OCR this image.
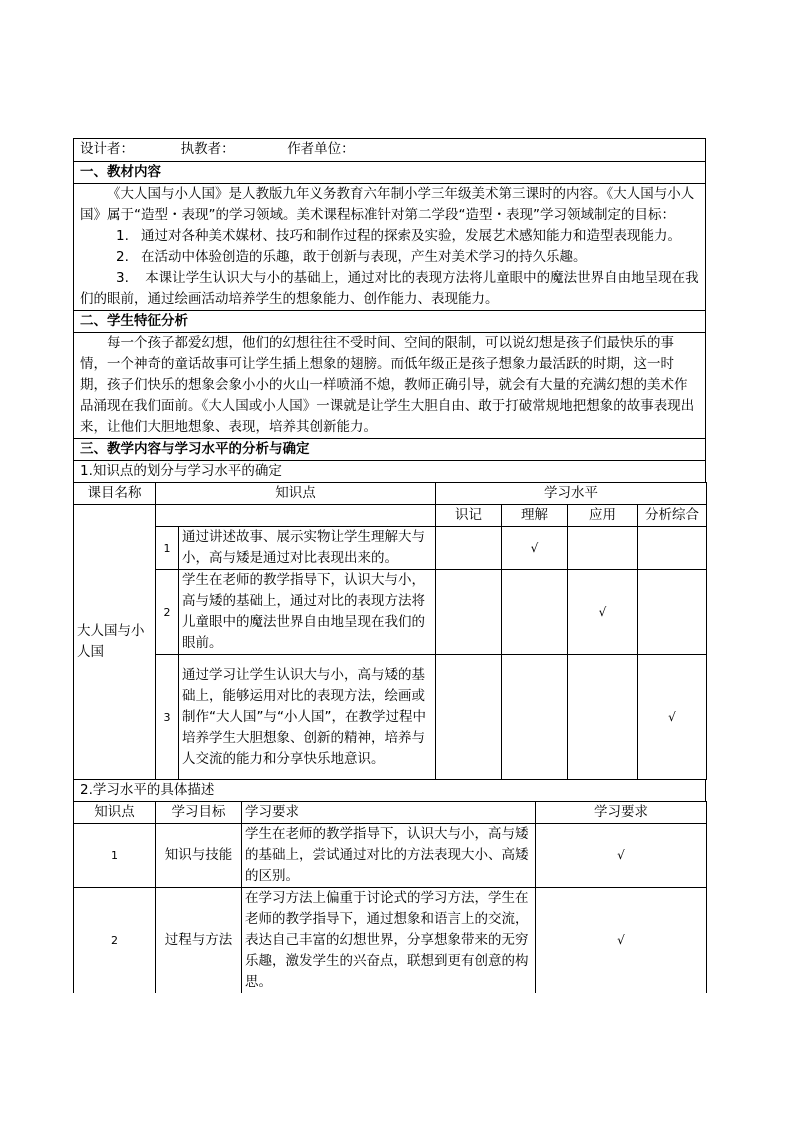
设计者：	执教者：	作者单位：
一、教材内容
《大人国与小人国》是人教版九年义务教育六年制小学三年级美术第三课时的内容。《大人国与小人国》属于“造型・表现”的学习领域。美术课程标准针对第二学段“造型・表现”学习领域制定的目标：
1. 通过对各种美术媒材、技巧和制作过程的探索及实验，发展艺术感知能力和造型表现能力。
2. 在活动中体验创造的乐趣，敢于创新与表现，产生对美术学习的持久乐趣。
3. 本课让学生认识大与小的基础上，通过对比的表现方法将儿童眼中的魔法世界自由地呈现在我们的眼前，通过绘画活动培养学生的想象能力、创作能力、表现能力。
二、学生特征分析
每一个孩子都爱幻想，他们的幻想往往不受时间、空间的限制，可以说幻想是孩子们最快乐的事情，一个神奇的童话故事可让学生插上想象的翅膀。而低年级正是孩子想象力最活跃的时期，这一时期，孩子们快乐的想象会象小小的火山一样喷涌不熄，教师正确引导，就会有大量的充满幻想的美术作品涌现在我们面前。《大人国或小人国》一课就是让学生大胆自由、敢于打破常规地把想象的故事表现出来，让他们大胆地想象、表现，培养其创新能力。
三、教学内容与学习水平的分析与确定
1.知识点的划分与学习水平的确定
课目名称	知识点		学习水平			
大人国与小人国			识记	理解	应用	分析综合
	1	通过讲述故事、展示实物让学生理解大与小，高与矮是通过对比表现出来的。		√		
	2	学生在老师的教学指导下，认识大与小，高与矮的基础上，通过对比的表现方法将儿童眼中的魔法世界自由地呈现在我们的眼前。			√	
	3	通过学习让学生认识大与小，高与矮的基础上，能够运用对比的表现方法，绘画或制作“大人国”与“小人国”，在教学过程中培养学生大胆想象、创新的精神，培养与人交流的能力和分享快乐地意识。				√
2.学习水平的具体描述
知识点	学习目标	学习要求	学习要求
1	知识与技能	学生在老师的教学指导下，认识大与小，高与矮的基础上，尝试通过对比的方法表现大小、高矮的区别。	√
2	过程与方法	在学习方法上偏重于讨论式的学习方法，学生在老师的教学指导下，通过想象和语言上的交流，表达自己丰富的幻想世界，分享想象带来的无穷乐趣，激发学生的兴奋点，联想到更有创意的构思。	√
